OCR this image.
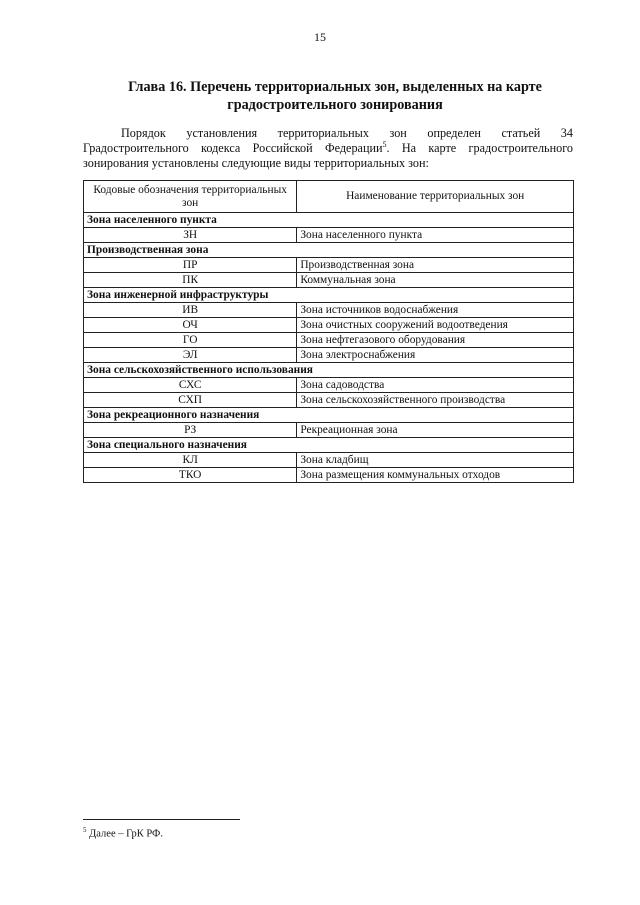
15
Глава 16. Перечень территориальных зон, выделенных на карте градостроительного зонирования
Порядок установления территориальных зон определен статьей 34 Градостроительного кодекса Российской Федерации$^5$. На карте градостроительного зонирования установлены следующие виды территориальных зон:
Кодовые обозначения территориальных зон	Наименование территориальных зон
Зона населенного пункта	
ЗН	Зона населенного пункта
Производственная зона	
ПР	Производственная зона
ПК	Коммунальная зона
Зона инженерной инфраструктуры	
ИВ	Зона источников водоснабжения
ОЧ	Зона очистных сооружений водоотведения
ГО	Зона нефтегазового оборудования
ЭЛ	Зона электроснабжения
Зона сельскохозяйственного использования	
СХС	Зона садоводства
СХП	Зона сельскохозяйственного производства
Зона рекреационного назначения	
РЗ	Рекреационная зона
Зона специального назначения	
КЛ	Зона кладбищ
ТКО	Зона размещения коммунальных отходов
$^5$ Далее – ГрК РФ.
